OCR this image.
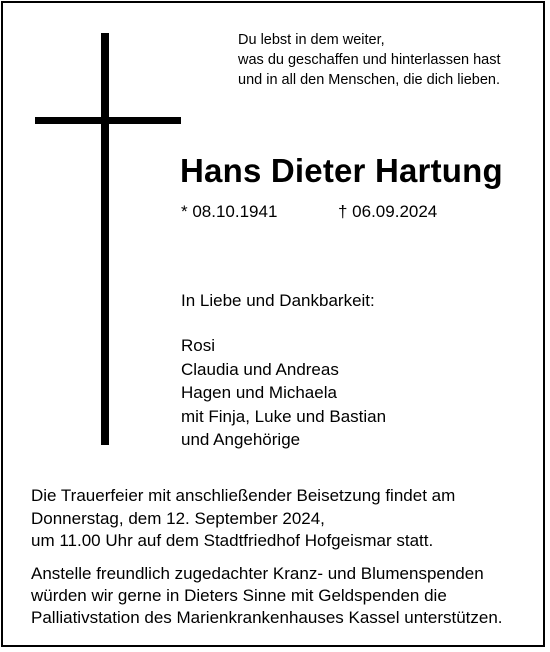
Du lebst in dem weiter,
was du geschaffen und hinterlassen hast
und in all den Menschen, die dich lieben.
Hans Dieter Hartung
* 08.10.1941	† 06.09.2024
In Liebe und Dankbarkeit:
Rosi
Claudia und Andreas
Hagen und Michaela
mit Finja, Luke und Bastian
und Angehörige
Die Trauerfeier mit anschließender Beisetzung findet am
Donnerstag, dem 12. September 2024,
um 11.00 Uhr auf dem Stadtfriedhof Hofgeismar statt.
Anstelle freundlich zugedachter Kranz- und Blumenspenden
würden wir gerne in Dieters Sinne mit Geldspenden die
Palliativstation des Marienkrankenhauses Kassel unterstützen.
